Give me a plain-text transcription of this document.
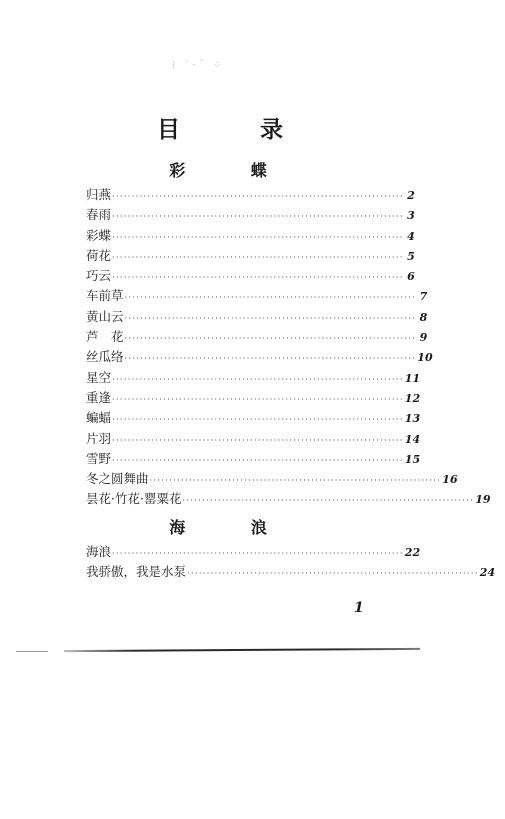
⁝ ˙·ˊ ⁘
目 录
彩 蝶
归燕 ·········································································· 2
春雨 ·········································································· 3
彩蝶 ·········································································· 4
荷花 ·········································································· 5
巧云 ·········································································· 6
车前草 ·········································································· 7
黄山云 ·········································································· 8
芦　花 ·········································································· 9
丝瓜络 ·········································································· 10
星空 ·········································································· 11
重逢 ·········································································· 12
蝙蝠 ·········································································· 13
片羽 ·········································································· 14
雪野 ·········································································· 15
冬之圆舞曲 ·········································································· 16
昙花·竹花·罂粟花 ·········································································· 19
海 浪
海浪 ·········································································· 22
我骄傲，我是水泵 ·········································································· 24
1
